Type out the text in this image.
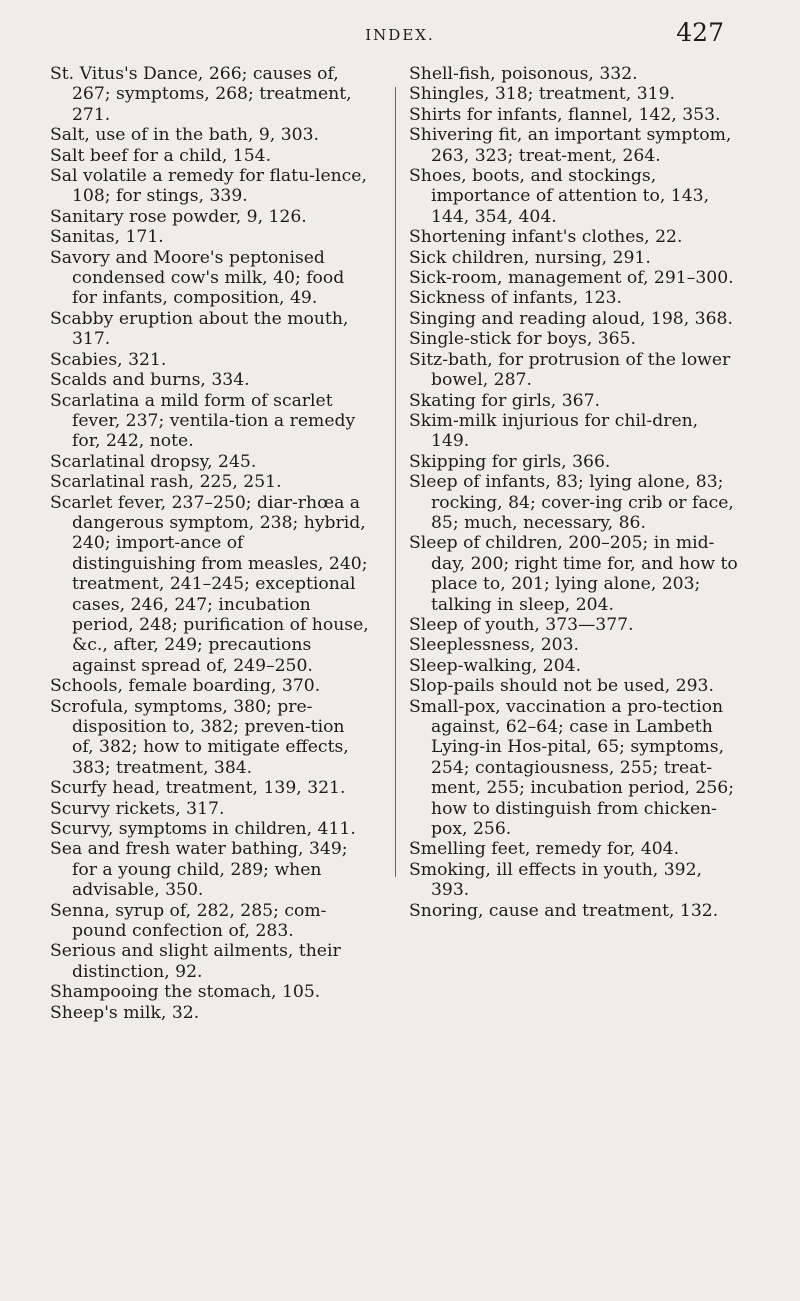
INDEX.	427

St. Vitus's Dance, 266; causes of, 267; symptoms, 268; treatment, 271.

Salt, use of in the bath, 9, 303.

Salt beef for a child, 154.

Sal volatile a remedy for flatu-lence, 108; for stings, 339.

Sanitary rose powder, 9, 126.

Sanitas, 171.

Savory and Moore's peptonised condensed cow's milk, 40; food for infants, composition, 49.

Scabby eruption about the mouth, 317.

Scabies, 321.

Scalds and burns, 334.

Scarlatina a mild form of scarlet fever, 237; ventila-tion a remedy for, 242, note.

Scarlatinal dropsy, 245.

Scarlatinal rash, 225, 251.

Scarlet fever, 237–250; diar-rhœa a dangerous symptom, 238; hybrid, 240; import-ance of distinguishing from measles, 240; treatment, 241–245; exceptional cases, 246, 247; incubation period, 248; purification of house, &c., after, 249; precautions against spread of, 249–250.

Schools, female boarding, 370.

Scrofula, symptoms, 380; pre-disposition to, 382; preven-tion of, 382; how to mitigate effects, 383; treatment, 384.

Scurfy head, treatment, 139, 321.

Scurvy rickets, 317.

Scurvy, symptoms in children, 411.

Sea and fresh water bathing, 349; for a young child, 289; when advisable, 350.

Senna, syrup of, 282, 285; com-pound confection of, 283.

Serious and slight ailments, their distinction, 92.

Shampooing the stomach, 105.

Sheep's milk, 32.

Shell-fish, poisonous, 332.

Shingles, 318; treatment, 319.

Shirts for infants, flannel, 142, 353.

Shivering fit, an important symptom, 263, 323; treat-ment, 264.

Shoes, boots, and stockings, importance of attention to, 143, 144, 354, 404.

Shortening infant's clothes, 22.

Sick children, nursing, 291.

Sick-room, management of, 291–300.

Sickness of infants, 123.

Singing and reading aloud, 198, 368.

Single-stick for boys, 365.

Sitz-bath, for protrusion of the lower bowel, 287.

Skating for girls, 367.

Skim-milk injurious for chil-dren, 149.

Skipping for girls, 366.

Sleep of infants, 83; lying alone, 83; rocking, 84; cover-ing crib or face, 85; much, necessary, 86.

Sleep of children, 200–205; in mid-day, 200; right time for, and how to place to, 201; lying alone, 203; talking in sleep, 204.

Sleep of youth, 373—377.

Sleeplessness, 203.

Sleep-walking, 204.

Slop-pails should not be used, 293.

Small-pox, vaccination a pro-tection against, 62–64; case in Lambeth Lying-in Hos-pital, 65; symptoms, 254; contagiousness, 255; treat-ment, 255; incubation period, 256; how to distinguish from chicken-pox, 256.

Smelling feet, remedy for, 404.

Smoking, ill effects in youth, 392, 393.

Snoring, cause and treatment, 132.
